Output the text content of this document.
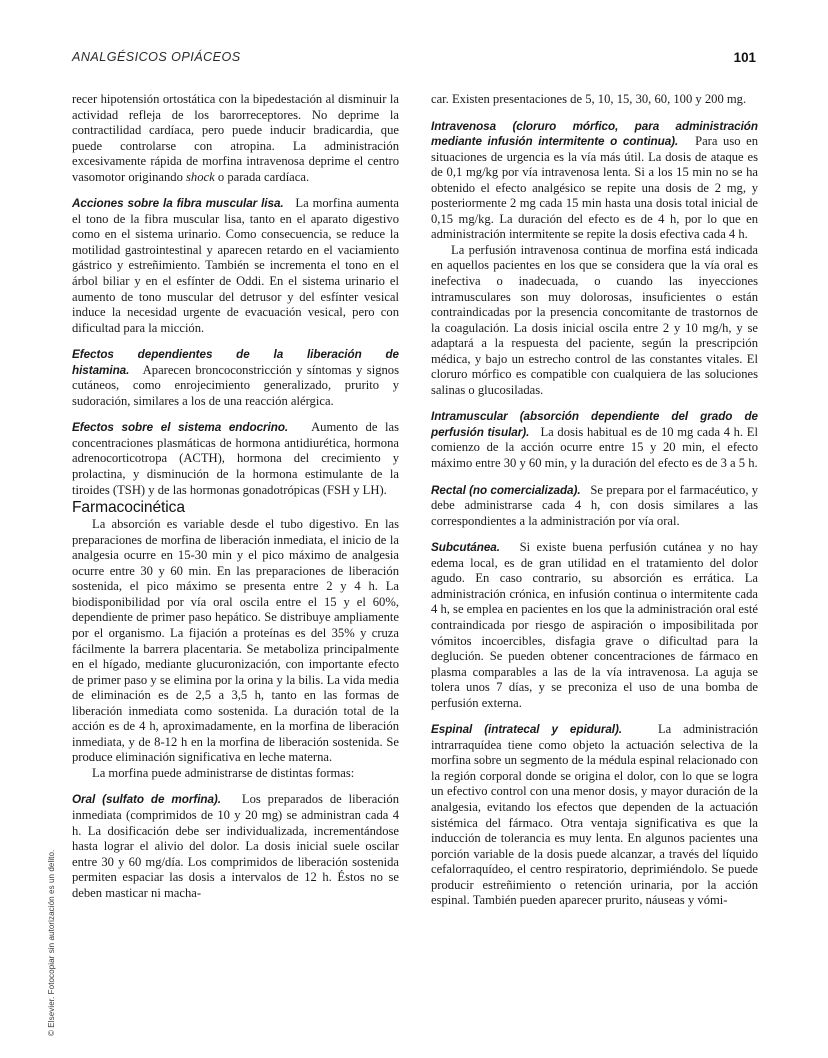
ANALGÉSICOS OPIÁCEOS	101
© Elsevier. Fotocopiar sin autorización es un delito.

recer hipotensión ortostática con la bipedestación al disminuir la actividad refleja de los barorreceptores. No deprime la contractilidad cardíaca, pero puede inducir bradicardia, que puede controlarse con atropina. La administración excesivamente rápida de morfina intravenosa deprime el centro vasomotor originando shock o parada cardíaca.

Acciones sobre la fibra muscular lisa. La morfina aumenta el tono de la fibra muscular lisa, tanto en el aparato digestivo como en el sistema urinario. Como consecuencia, se reduce la motilidad gastrointestinal y aparecen retardo en el vaciamiento gástrico y estreñimiento. También se incrementa el tono en el árbol biliar y en el esfínter de Oddi. En el sistema urinario el aumento de tono muscular del detrusor y del esfínter vesical induce la necesidad urgente de evacuación vesical, pero con dificultad para la micción.

Efectos dependientes de la liberación de histamina. Aparecen broncoconstricción y síntomas y signos cutáneos, como enrojecimiento generalizado, prurito y sudoración, similares a los de una reacción alérgica.

Efectos sobre el sistema endocrino. Aumento de las concentraciones plasmáticas de hormona antidiurética, hormona adrenocorticotropa (ACTH), hormona del crecimiento y prolactina, y disminución de la hormona estimulante de la tiroides (TSH) y de las hormonas gonadotrópicas (FSH y LH).

Farmacocinética

La absorción es variable desde el tubo digestivo. En las preparaciones de morfina de liberación inmediata, el inicio de la analgesia ocurre en 15-30 min y el pico máximo de analgesia ocurre entre 30 y 60 min. En las preparaciones de liberación sostenida, el pico máximo se presenta entre 2 y 4 h. La biodisponibilidad por vía oral oscila entre el 15 y el 60%, dependiente de primer paso hepático. Se distribuye ampliamente por el organismo. La fijación a proteínas es del 35% y cruza fácilmente la barrera placentaria. Se metaboliza principalmente en el hígado, mediante glucuronización, con importante efecto de primer paso y se elimina por la orina y la bilis. La vida media de eliminación es de 2,5 a 3,5 h, tanto en las formas de liberación inmediata como sostenida. La duración total de la acción es de 4 h, aproximadamente, en la morfina de liberación inmediata, y de 8-12 h en la morfina de liberación sostenida. Se produce eliminación significativa en leche materna.

La morfina puede administrarse de distintas formas:

Oral (sulfato de morfina). Los preparados de liberación inmediata (comprimidos de 10 y 20 mg) se administran cada 4 h. La dosificación debe ser individualizada, incrementándose hasta lograr el alivio del dolor. La dosis inicial suele oscilar entre 30 y 60 mg/día. Los comprimidos de liberación sostenida permiten espaciar las dosis a intervalos de 12 h. Éstos no se deben masticar ni macha-

car. Existen presentaciones de 5, 10, 15, 30, 60, 100 y 200 mg.

Intravenosa (cloruro mórfico, para administración mediante infusión intermitente o continua). Para uso en situaciones de urgencia es la vía más útil. La dosis de ataque es de 0,1 mg/kg por vía intravenosa lenta. Si a los 15 min no se ha obtenido el efecto analgésico se repite una dosis de 2 mg, y posteriormente 2 mg cada 15 min hasta una dosis total inicial de 0,15 mg/kg. La duración del efecto es de 4 h, por lo que en administración intermitente se repite la dosis efectiva cada 4 h.

La perfusión intravenosa continua de morfina está indicada en aquellos pacientes en los que se considera que la vía oral es inefectiva o inadecuada, o cuando las inyecciones intramusculares son muy dolorosas, insuficientes o están contraindicadas por la presencia concomitante de trastornos de la coagulación. La dosis inicial oscila entre 2 y 10 mg/h, y se adaptará a la respuesta del paciente, según la prescripción médica, y bajo un estrecho control de las constantes vitales. El cloruro mórfico es compatible con cualquiera de las soluciones salinas o glucosiladas.

Intramuscular (absorción dependiente del grado de perfusión tisular). La dosis habitual es de 10 mg cada 4 h. El comienzo de la acción ocurre entre 15 y 20 min, el efecto máximo entre 30 y 60 min, y la duración del efecto es de 3 a 5 h.

Rectal (no comercializada). Se prepara por el farmacéutico, y debe administrarse cada 4 h, con dosis similares a las correspondientes a la administración por vía oral.

Subcutánea. Si existe buena perfusión cutánea y no hay edema local, es de gran utilidad en el tratamiento del dolor agudo. En caso contrario, su absorción es errática. La administración crónica, en infusión continua o intermitente cada 4 h, se emplea en pacientes en los que la administración oral esté contraindicada por riesgo de aspiración o imposibilitada por vómitos incoercibles, disfagia grave o dificultad para la deglución. Se pueden obtener concentraciones de fármaco en plasma comparables a las de la vía intravenosa. La aguja se tolera unos 7 días, y se preconiza el uso de una bomba de perfusión externa.

Espinal (intratecal y epidural).	La administración intrarraquídea tiene como objeto la actuación selectiva de la morfina sobre un segmento de la médula espinal relacionado con la región corporal donde se origina el dolor, con lo que se logra un efectivo control con una menor dosis, y mayor duración de la analgesia, evitando los efectos que dependen de la actuación sistémica del fármaco. Otra ventaja significativa es que la inducción de tolerancia es muy lenta. En algunos pacientes una porción variable de la dosis puede alcanzar, a través del líquido cefalorraquídeo, el centro respiratorio, deprimiéndolo. Se puede producir estreñimiento o retención urinaria, por la acción espinal. También pueden aparecer prurito, náuseas y vómi-
